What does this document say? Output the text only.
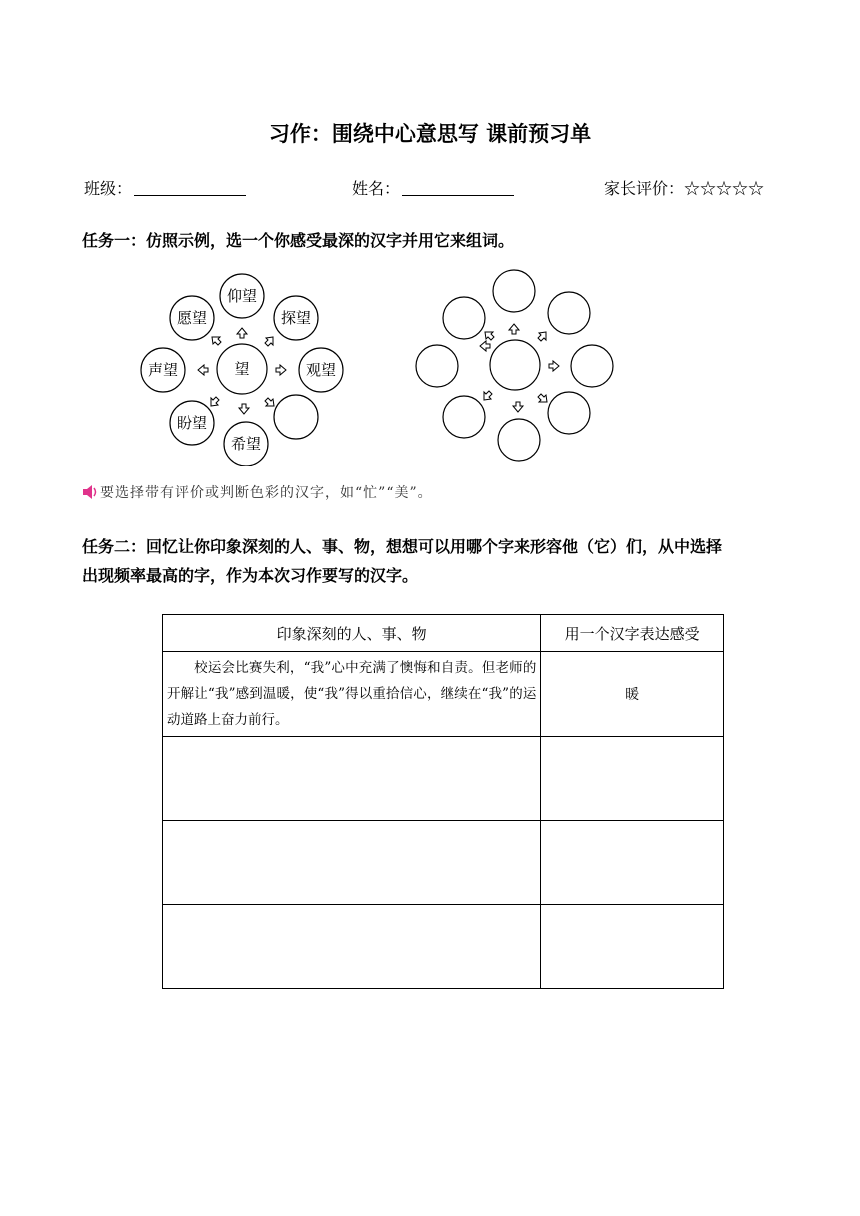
习作：围绕中心意思写 课前预习单
班级：	姓名：	家长评价：☆☆☆☆☆
任务一：仿照示例，选一个你感受最深的汉字并用它来组词。
望
仰望
探望
观望
希望
盼望
声望
愿望
要选择带有评价或判断色彩的汉字，如“忙”“美”。
任务二：回忆让你印象深刻的人、事、物，想想可以用哪个字来形容他（它）们，从中选择
出现频率最高的字，作为本次习作要写的汉字。
印象深刻的人、事、物	用一个汉字表达感受
校运会比赛失利，“我”心中充满了懊悔和自责。但老师的开解让“我”感到温暖，使“我”得以重拾信心，继续在“我”的运动道路上奋力前行。	暖
